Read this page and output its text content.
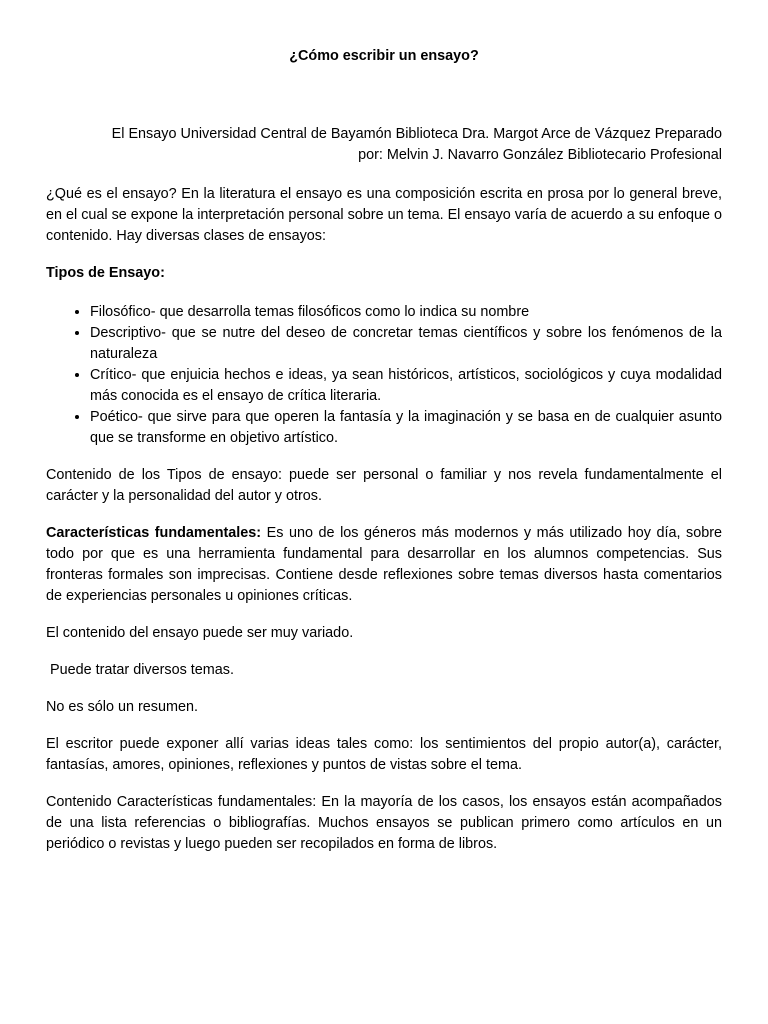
¿Cómo escribir un ensayo?

El Ensayo Universidad Central de Bayamón Biblioteca Dra. Margot Arce de Vázquez Preparado
por: Melvin J. Navarro González Bibliotecario Profesional

¿Qué es el ensayo? En la literatura el ensayo es una composición escrita en prosa por lo general breve, en el cual se expone la interpretación personal sobre un tema. El ensayo varía de acuerdo a su enfoque o contenido. Hay diversas clases de ensayos:

Tipos de Ensayo:

• Filosófico- que desarrolla temas filosóficos como lo indica su nombre
• Descriptivo- que se nutre del deseo de concretar temas científicos y sobre los fenómenos de la naturaleza
• Crítico- que enjuicia hechos e ideas, ya sean históricos, artísticos, sociológicos y cuya modalidad más conocida es el ensayo de crítica literaria.
• Poético- que sirve para que operen la fantasía y la imaginación y se basa en de cualquier asunto que se transforme en objetivo artístico.

Contenido de los Tipos de ensayo: puede ser personal o familiar y nos revela fundamentalmente el carácter y la personalidad del autor y otros.

Características fundamentales: Es uno de los géneros más modernos y más utilizado hoy día, sobre todo por que es una herramienta fundamental para desarrollar en los alumnos competencias. Sus fronteras formales son imprecisas. Contiene desde reflexiones sobre temas diversos hasta comentarios de experiencias personales u opiniones críticas.

El contenido del ensayo puede ser muy variado.

Puede tratar diversos temas.

No es sólo un resumen.

El escritor puede exponer allí varias ideas tales como: los sentimientos del propio autor(a), carácter, fantasías, amores, opiniones, reflexiones y puntos de vistas sobre el tema.

Contenido Características fundamentales: En la mayoría de los casos, los ensayos están acompañados de una lista referencias o bibliografías. Muchos ensayos se publican primero como artículos en un periódico o revistas y luego pueden ser recopilados en forma de libros.
